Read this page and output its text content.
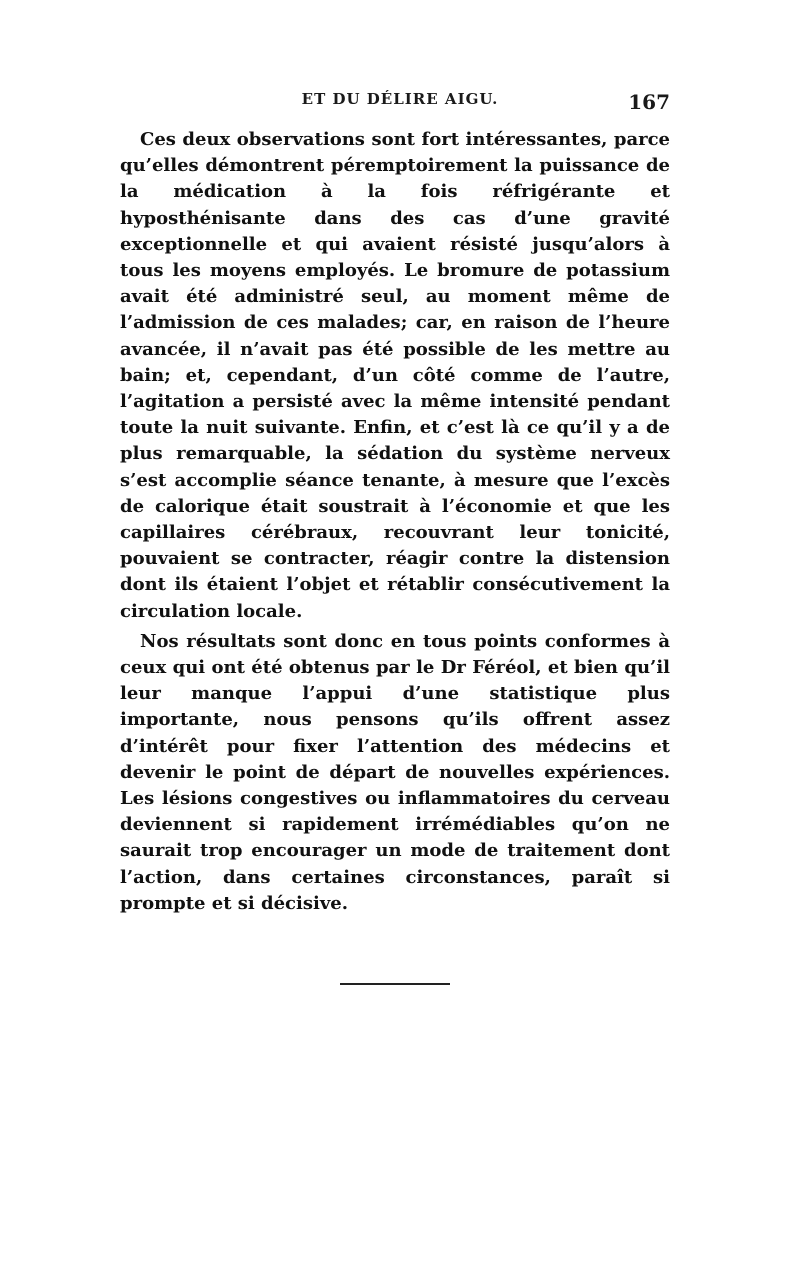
ET DU DÉLIRE AIGU.	167

Ces deux observations sont fort intéressantes, parce qu’elles démontrent péremptoirement la puissance de la médication à la fois réfrigérante et hyposthénisante dans des cas d’une gravité exceptionnelle et qui avaient résisté jusqu’alors à tous les moyens employés. Le bromure de potassium avait été administré seul, au moment même de l’admission de ces malades; car, en raison de l’heure avancée, il n’avait pas été possible de les mettre au bain; et, cependant, d’un côté comme de l’autre, l’agitation a persisté avec la même intensité pendant toute la nuit suivante. Enfin, et c’est là ce qu’il y a de plus remarquable, la sédation du système nerveux s’est accomplie séance tenante, à mesure que l’excès de calorique était soustrait à l’économie et que les capillaires cérébraux, recouvrant leur tonicité, pouvaient se contracter, réagir contre la distension dont ils étaient l’objet et rétablir consécutivement la circulation locale.

Nos résultats sont donc en tous points conformes à ceux qui ont été obtenus par le Dr Féréol, et bien qu’il leur manque l’appui d’une statistique plus importante, nous pensons qu’ils offrent assez d’intérêt pour fixer l’attention des médecins et devenir le point de départ de nouvelles expériences. Les lésions congestives ou inflammatoires du cerveau deviennent si rapidement irrémédiables qu’on ne saurait trop encourager un mode de traitement dont l’action, dans certaines circonstances, paraît si prompte et si décisive.
